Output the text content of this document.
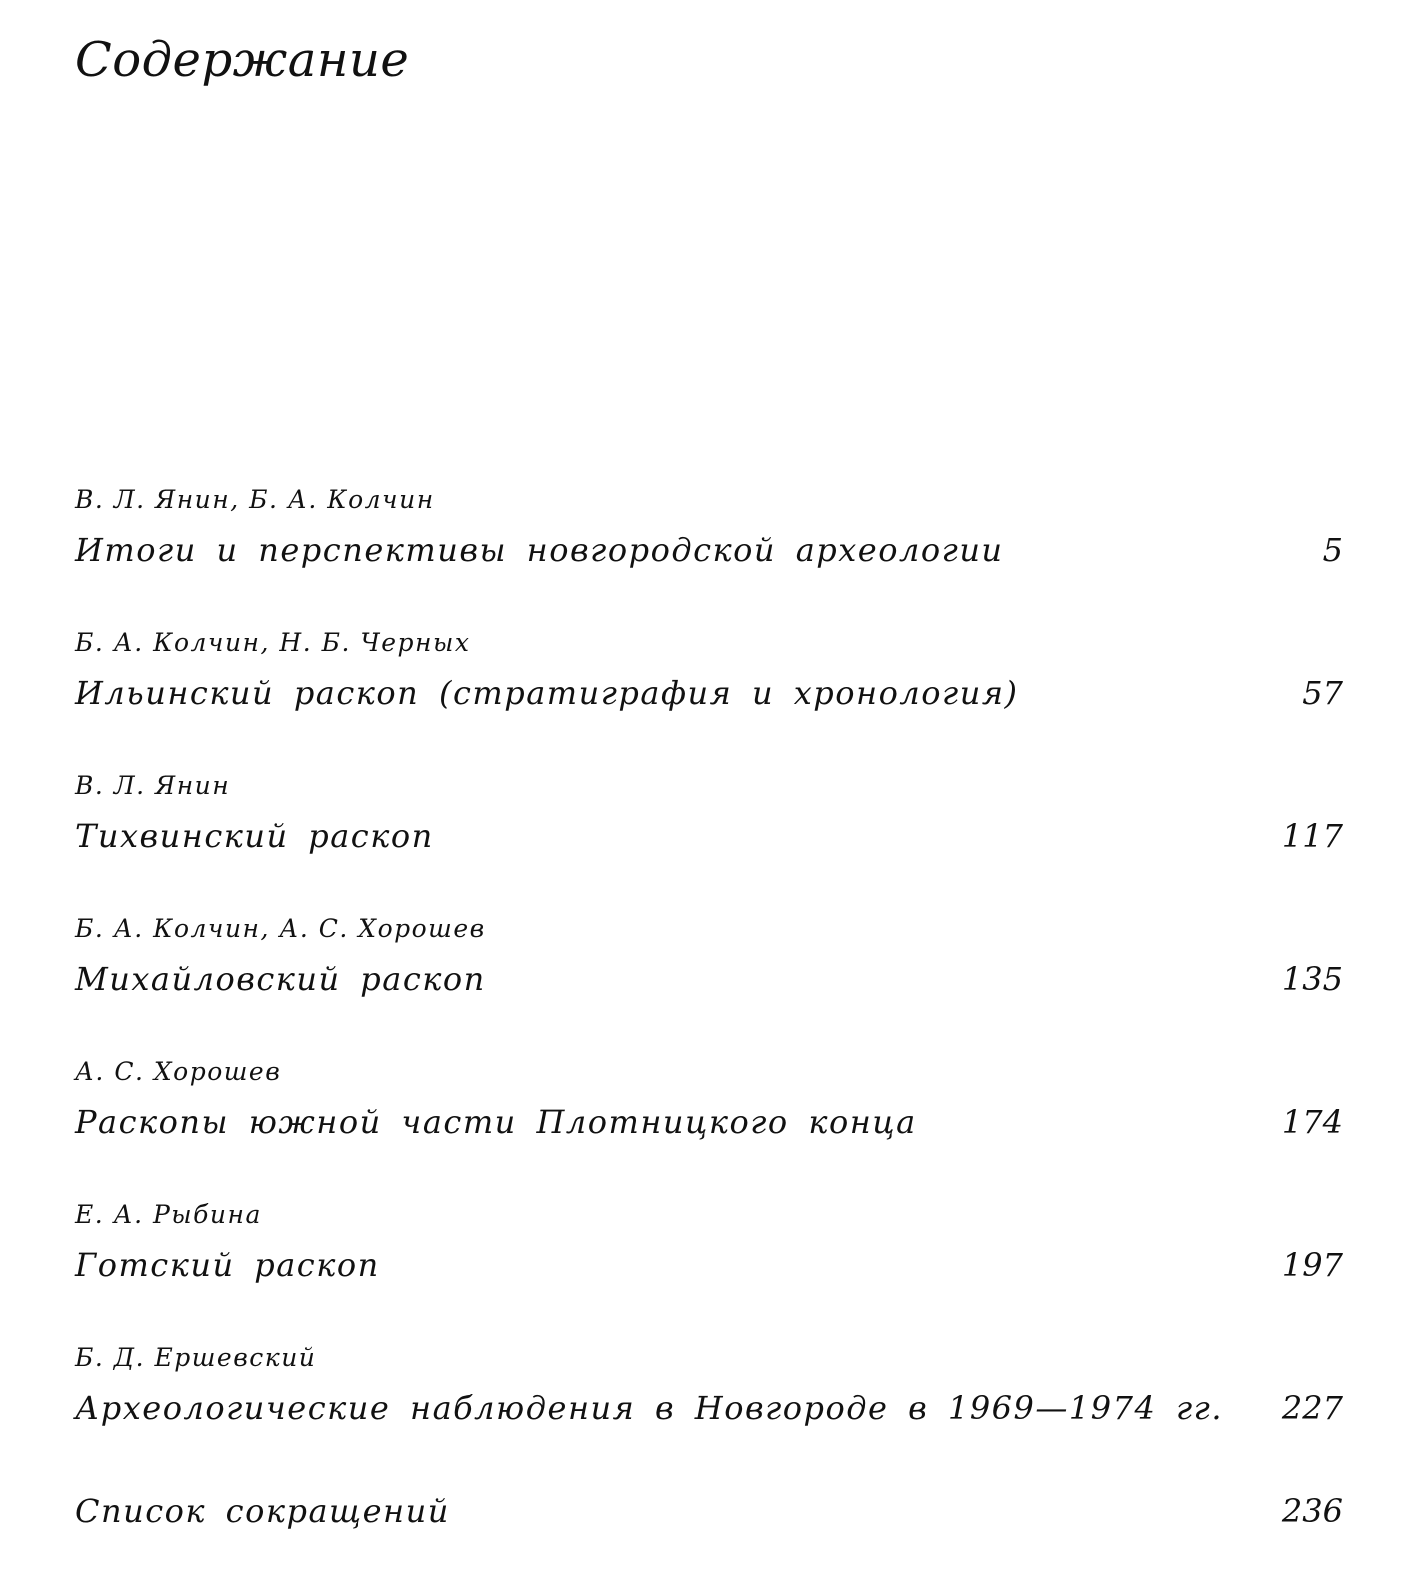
Содержание
В. Л. Янин, Б. А. Колчин
Итоги и перспективы новгородской археологии	5
Б. А. Колчин, Н. Б. Черных
Ильинский раскоп (стратиграфия и хронология)	57
В. Л. Янин
Тихвинский раскоп	117
Б. А. Колчин, А. С. Хорошев
Михайловский раскоп	135
А. С. Хорошев
Раскопы южной части Плотницкого конца	174
Е. А. Рыбина
Готский раскоп	197
Б. Д. Ершевский
Археологические наблюдения в Новгороде в 1969—1974 гг. 227
Список сокращений	236
